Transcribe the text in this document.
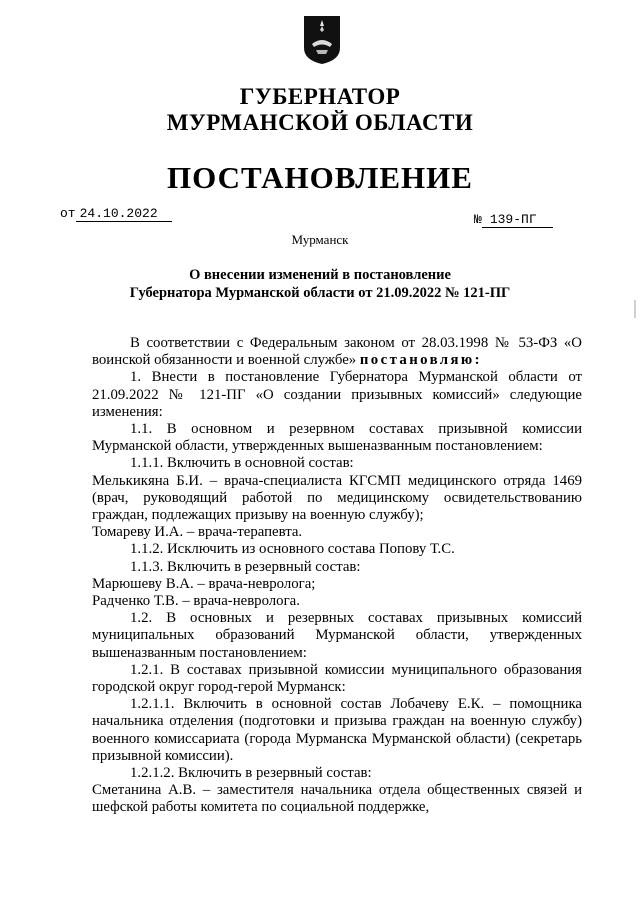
ГУБЕРНАТОР
МУРМАНСКОЙ ОБЛАСТИ
ПОСТАНОВЛЕНИЕ
от 24.10.2022	№ 139-ПГ
Мурманск
О внесении изменений в постановление
Губернатора Мурманской области от 21.09.2022 № 121-ПГ

В соответствии с Федеральным законом от 28.03.1998 № 53-ФЗ «О воинской обязанности и военной службе» постановляю:

1. Внести в постановление Губернатора Мурманской области от 21.09.2022 № 121-ПГ «О создании призывных комиссий» следующие изменения:

1.1. В основном и резервном составах призывной комиссии Мурманской области, утвержденных вышеназванным постановлением:

1.1.1. Включить в основной состав:

Мелькикяна Б.И. – врача-специалиста КГСМП медицинского отряда 1469 (врач, руководящий работой по медицинскому освидетельствованию граждан, подлежащих призыву на военную службу);

Томареву И.А. – врача-терапевта.

1.1.2. Исключить из основного состава Попову Т.С.

1.1.3. Включить в резервный состав:

Марюшеву В.А. – врача-невролога;

Радченко Т.В. – врача-невролога.

1.2. В основных и резервных составах призывных комиссий муниципальных образований Мурманской области, утвержденных вышеназванным постановлением:

1.2.1. В составах призывной комиссии муниципального образования городской округ город-герой Мурманск:

1.2.1.1. Включить в основной состав Лобачеву Е.К. – помощника начальника отделения (подготовки и призыва граждан на военную службу) военного комиссариата (города Мурманска Мурманской области) (секретарь призывной комиссии).

1.2.1.2. Включить в резервный состав:

Сметанина А.В. – заместителя начальника отдела общественных связей и шефской работы комитета по социальной поддержке,
